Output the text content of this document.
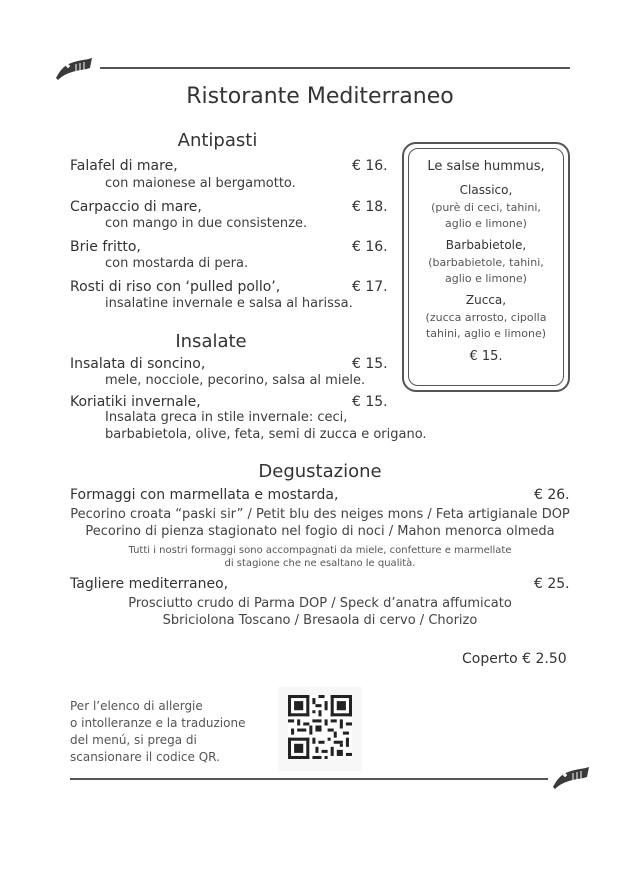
Ristorante Mediterraneo
Antipasti
Falafel di mare,	€ 16.
con maionese al bergamotto.
Carpaccio di mare,	€ 18.
con mango in due consistenze.
Brie fritto,	€ 16.
con mostarda di pera.
Rosti di riso con ‘pulled pollo’,	€ 17.
insalatine invernale e salsa al harissa.
Insalate
Insalata di soncino,	€ 15.
mele, nocciole, pecorino, salsa al miele.
Koriatiki invernale,	€ 15.
Insalata greca in stile invernale: ceci,
barbabietola, olive, feta, semi di zucca e origano.
Le salse hummus,
Classico,
(purè di ceci, tahini,
aglio e limone)
Barbabietole,
(barbabietole, tahini,
aglio e limone)
Zucca,
(zucca arrosto, cipolla
tahini, aglio e limone)
€ 15.
Degustazione
Formaggi con marmellata e mostarda,	€ 26.
Pecorino croata “paski sir” / Petit blu des neiges mons / Feta artigianale DOP
Pecorino di pienza stagionato nel fogio di noci / Mahon menorca olmeda
Tutti i nostri formaggi sono accompagnati da miele, confetture e marmellate
di stagione che ne esaltano le qualità.
Tagliere mediterraneo,	€ 25.
Prosciutto crudo di Parma DOP / Speck d’anatra affumicato
Sbriciolona Toscano / Bresaola di cervo / Chorizo
Coperto € 2.50
Per l’elenco di allergie
o intolleranze e la traduzione
del menú, si prega di
scansionare il codice QR.
